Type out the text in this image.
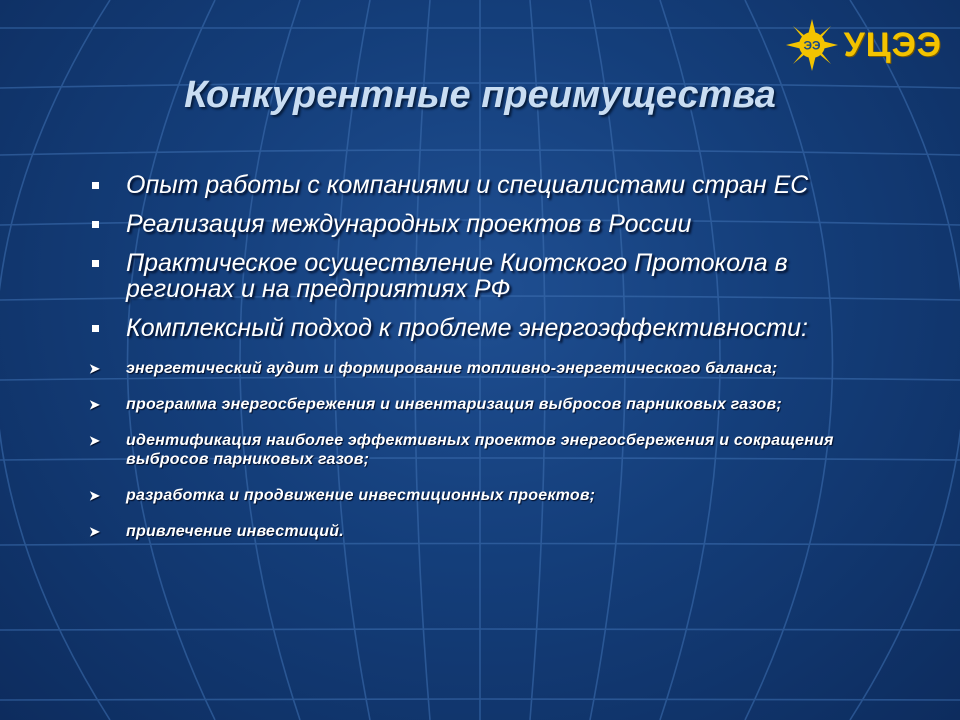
ЭЭ УЦЭЭ
Конкурентные преимущества
Опыт работы с компаниями и специалистами стран ЕС
Реализация международных проектов в России
Практическое осуществление Киотского Протокола в регионах и на предприятиях РФ
Комплексный подход к проблеме энергоэффективности:
➤ энергетический аудит и формирование топливно-энергетического баланса;
➤ программа энергосбережения и инвентаризация выбросов парниковых газов;
➤ идентификация наиболее эффективных проектов энергосбережения и сокращения выбросов парниковых газов;
➤ разработка и продвижение инвестиционных проектов;
➤ привлечение инвестиций.
